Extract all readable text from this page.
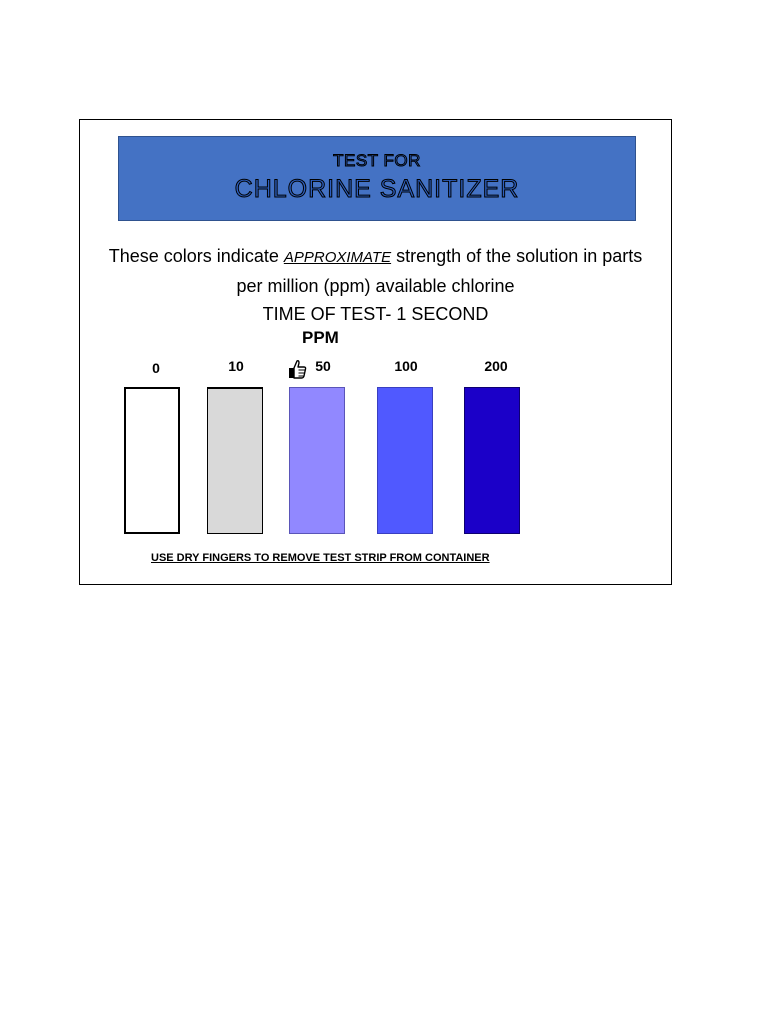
TEST FOR
CHLORINE SANITIZER
These colors indicate APPROXIMATE strength of the solution in parts
per million (ppm) available chlorine
TIME OF TEST- 1 SECOND
PPM
0	10	50	100	200
USE DRY FINGERS TO REMOVE TEST STRIP FROM CONTAINER
